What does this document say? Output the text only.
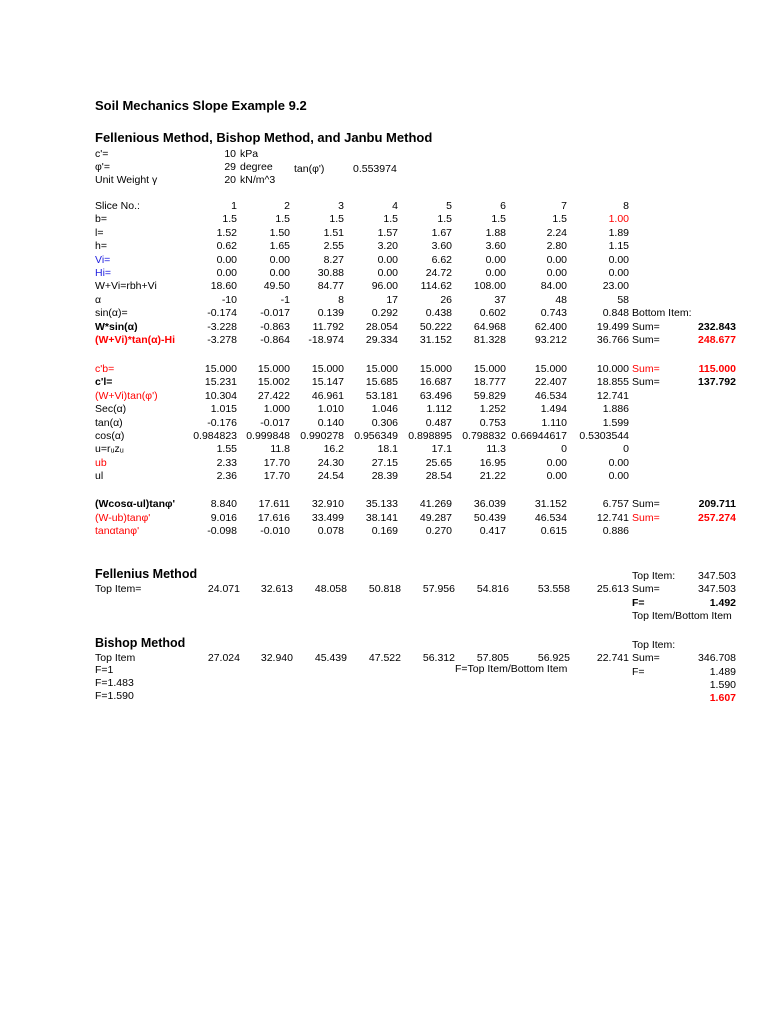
Soil Mechanics Slope Example 9.2
Fellenious Method, Bishop Method, and Janbu Method
c'=	10 kPa
φ'=	29 degree tan(φ')	0.553974
Unit Weight γ	20 kN/m^3
Slice No.:	1	2	3	4	5	6	7	8
b=	1.5	1.5	1.5	1.5	1.5	1.5	1.5	1.00
l=	1.52	1.50	1.51	1.57	1.67	1.88	2.24	1.89
h=	0.62	1.65	2.55	3.20	3.60	3.60	2.80	1.15
Vi=	0.00	0.00	8.27	0.00	6.62	0.00	0.00	0.00
Hi=	0.00	0.00	30.88	0.00	24.72	0.00	0.00	0.00
W+Vi=rbh+Vi	18.60	49.50	84.77	96.00 114.62 108.00	84.00	23.00
α	-10	-1	8	17	26	37	48	58
sin(α)=	-0.174 -0.017	0.139	0.292	0.438	0.602	0.743	0.848 Bottom Item:
W*sin(α)	-3.228 -0.863 11.792 28.054 50.222 64.968	62.400	19.499 Sum=	232.843
(W+Vi)*tan(α)-Hi	-3.278 -0.864 -18.974 29.334 31.152 81.328	93.212	36.766 Sum=	248.677
c'b=	15.000 15.000 15.000 15.000 15.000 15.000	15.000	10.000 Sum=	115.000
c'l=	15.231 15.002 15.147 15.685 16.687 18.777	22.407	18.855 Sum=	137.792
(W+Vi)tan(φ')	10.304 27.422 46.961 53.181 63.496 59.829	46.534	12.741
Sec(α)	1.015	1.000	1.010	1.046	1.112	1.252	1.494	1.886
tan(α)	-0.176 -0.017	0.140	0.306	0.487	0.753	1.110	1.599
cos(α)	0.984823 0.999848 0.990278 0.956349 0.898895 0.798832 0.66944617 0.5303544
u=rᵤzᵤ	1.55	11.8	16.2	18.1	17.1	11.3	0	0
ub	2.33	17.70	24.30	27.15	25.65	16.95	0.00	0.00
ul	2.36	17.70	24.54	28.39	28.54	21.22	0.00	0.00
(Wcosα-ul)tanφ'	8.840 17.611 32.910 35.133 41.269 36.039	31.152	6.757 Sum=	209.711
(W-ub)tanφ'	9.016 17.616 33.499 38.141 49.287 50.439	46.534	12.741 Sum=	257.274
tanαtanφ'	-0.098 -0.010	0.078	0.169	0.270	0.417	0.615	0.886
Fellenius Method
Top Item=	24.071 32.613 48.058 50.818 57.956 54.816	53.558	25.613
Top Item: 347.503
Sum=	347.503
F=	1.492
Top Item/Bottom Item
Bishop Method
Top Item	27.024 32.940 45.439 47.522 56.312 57.805	56.925	22.741
F=1
F=1.483
F=1.590
F=Top Item/Bottom Item
Top Item:
Sum=	346.708
F=	1.489
1.590
1.607
